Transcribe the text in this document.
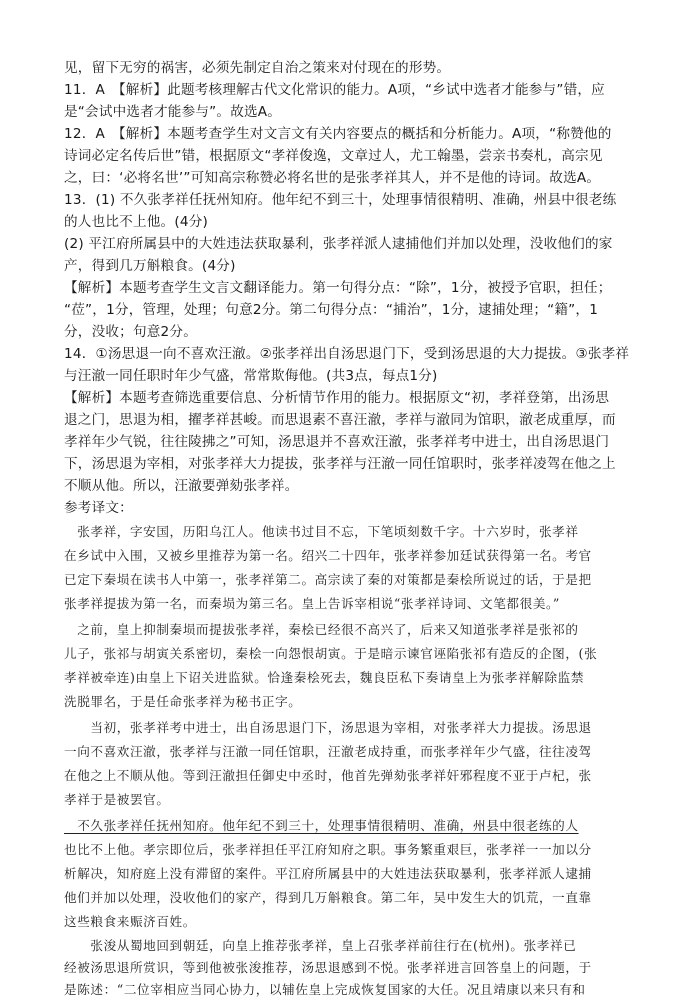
见，留下无穷的祸害，必须先制定自治之策来对付现在的形势。
11．A　【解析】此题考核理解古代文化常识的能力。A项，“乡试中选者才能参与”错，应
是“会试中选者才能参与”。故选A。
12．A　【解析】本题考查学生对文言文有关内容要点的概括和分析能力。A项，“称赞他的
诗词必定名传后世”错，根据原文“孝祥俊逸，文章过人，尤工翰墨，尝亲书奏札，高宗见
之，曰：‘必将名世’”可知高宗称赞必将名世的是张孝祥其人，并不是他的诗词。故选A。
13．(1) 不久张孝祥任抚州知府。他年纪不到三十，处理事情很精明、准确，州县中很老练
的人也比不上他。(4分)
(2) 平江府所属县中的大姓违法获取暴利，张孝祥派人逮捕他们并加以处理，没收他们的家
产，得到几万斛粮食。(4分)
【解析】本题考查学生文言文翻译能力。第一句得分点：“除”，1分，被授予官职，担任；
“莅”，1分，管理，处理；句意2分。第二句得分点：“捕治”，1分，逮捕处理；“籍”，1
分，没收；句意2分。
14．①汤思退一向不喜欢汪澈。②张孝祥出自汤思退门下，受到汤思退的大力提拔。③张孝祥
与汪澈一同任职时年少气盛，常常欺侮他。(共3点，每点1分)
【解析】本题考查筛选重要信息、分析情节作用的能力。根据原文“初，孝祥登第，出汤思
退之门，思退为相，擢孝祥甚峻。而思退素不喜汪澈，孝祥与澈同为馆职，澈老成重厚，而
孝祥年少气锐，往往陵拂之”可知，汤思退并不喜欢汪澈，张孝祥考中进士，出自汤思退门
下，汤思退为宰相，对张孝祥大力提拔，张孝祥与汪澈一同任馆职时，张孝祥凌驾在他之上
不顺从他。所以，汪澈要弹劾张孝祥。
参考译文：
　张孝祥，字安国，历阳乌江人。他读书过目不忘，下笔顷刻数千字。十六岁时，张孝祥
在乡试中入围，又被乡里推荐为第一名。绍兴二十四年，张孝祥参加廷试获得第一名。考官
已定下秦埙在读书人中第一，张孝祥第二。高宗读了秦的对策都是秦桧所说过的话，于是把
张孝祥提拔为第一名，而秦埙为第三名。皇上告诉宰相说“张孝祥诗词、文笔都很美。”
　之前，皇上抑制秦埙而提拔张孝祥，秦桧已经很不高兴了，后来又知道张孝祥是张祁的
儿子，张祁与胡寅关系密切，秦桧一向怨恨胡寅。于是暗示谏官诬陷张祁有造反的企图，(张
孝祥被牵连)由皇上下诏关进监狱。恰逢秦桧死去，魏良臣私下奏请皇上为张孝祥解除监禁
洗脱罪名，于是任命张孝祥为秘书正字。
　　当初，张孝祥考中进士，出自汤思退门下，汤思退为宰相，对张孝祥大力提拔。汤思退
一向不喜欢汪澈，张孝祥与汪澈一同任馆职，汪澈老成持重，而张孝祥年少气盛，往往凌驾
在他之上不顺从他。等到汪澈担任御史中丞时，他首先弹劾张孝祥奸邪程度不亚于卢杞，张
孝祥于是被罢官。
　不久张孝祥任抚州知府。他年纪不到三十，处理事情很精明、准确，州县中很老练的人
也比不上他。孝宗即位后，张孝祥担任平江府知府之职。事务繁重艰巨，张孝祥一一加以分
析解决，知府庭上没有滞留的案件。平江府所属县中的大姓违法获取暴利，张孝祥派人逮捕
他们并加以处理，没收他们的家产，得到几万斛粮食。第二年，吴中发生大的饥荒，一直靠
这些粮食来赈济百姓。
　　张浚从蜀地回到朝廷，向皇上推荐张孝祥，皇上召张孝祥前往行在(杭州)。张孝祥已
经被汤思退所赏识，等到他被张浚推荐，汤思退感到不悦。张孝祥进言回答皇上的问题，于
是陈述：“二位宰相应当同心协力，以辅佐皇上完成恢复国家的大任。况且靖康以来只有和
